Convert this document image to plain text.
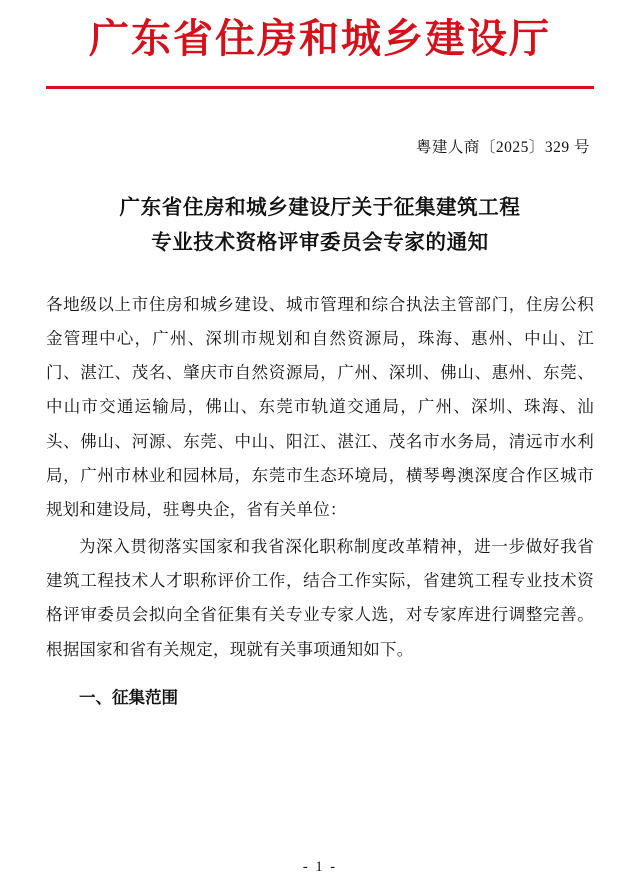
广东省住房和城乡建设厅
粤建人商〔2025〕329 号
广东省住房和城乡建设厅关于征集建筑工程
专业技术资格评审委员会专家的通知

各地级以上市住房和城乡建设、城市管理和综合执法主管部门，住房公积金管理中心，广州、深圳市规划和自然资源局，珠海、惠州、中山、江门、湛江、茂名、肇庆市自然资源局，广州、深圳、佛山、惠州、东莞、中山市交通运输局，佛山、东莞市轨道交通局，广州、深圳、珠海、汕头、佛山、河源、东莞、中山、阳江、湛江、茂名市水务局，清远市水利局，广州市林业和园林局，东莞市生态环境局，横琴粤澳深度合作区城市规划和建设局，驻粤央企，省有关单位：

为深入贯彻落实国家和我省深化职称制度改革精神，进一步做好我省建筑工程技术人才职称评价工作，结合工作实际，省建筑工程专业技术资格评审委员会拟向全省征集有关专业专家人选，对专家库进行调整完善。根据国家和省有关规定，现就有关事项通知如下。

一、征集范围
- 1 -
